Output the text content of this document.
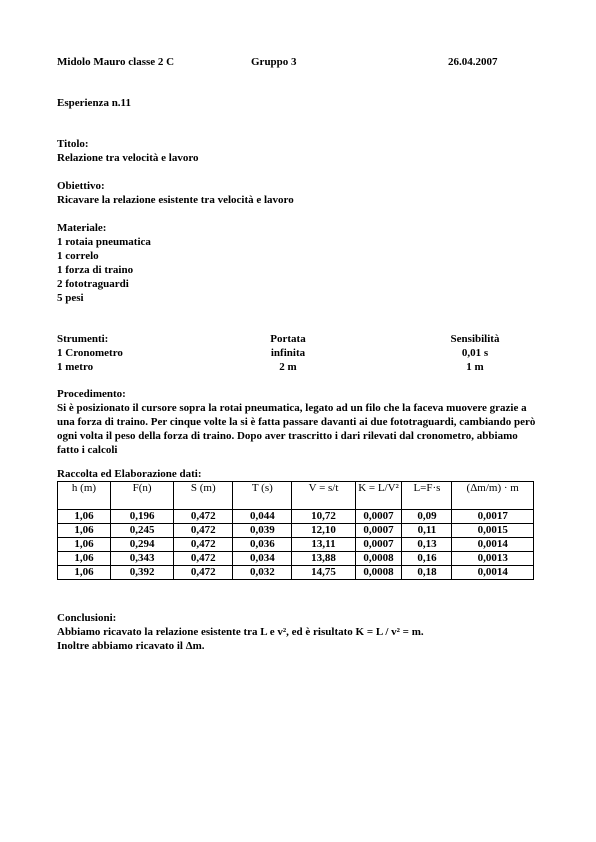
Midolo Mauro classe 2 C	Gruppo 3	26.04.2007
Esperienza n.11
Titolo:
Relazione tra velocità e lavoro
Obiettivo:
Ricavare la relazione esistente tra velocità e lavoro
Materiale:
1 rotaia pneumatica
1 correlo
1 forza di traino
2 fototraguardi
5 pesi
Strumenti:	Portata	Sensibilità
1 Cronometro	infinita	0,01 s
1 metro	2 m	1 m
Procedimento:
Si è posizionato il cursore sopra la rotai pneumatica, legato ad un filo che la faceva muovere grazie a una forza di traino. Per cinque volte la si è fatta passare davanti ai due fototraguardi, cambiando però ogni volta il peso della forza di traino. Dopo aver trascritto i dari rilevati dal cronometro, abbiamo fatto i calcoli
Raccolta ed Elaborazione dati:
h (m)	F(n)	S (m)	T (s)	V = s/t	K = L/V²	L=F·s	(Δm/m) · m
1,06	0,196	0,472	0,044	10,72	0,0007	0,09	0,0017
1,06	0,245	0,472	0,039	12,10	0,0007	0,11	0,0015
1,06	0,294	0,472	0,036	13,11	0,0007	0,13	0,0014
1,06	0,343	0,472	0,034	13,88	0,0008	0,16	0,0013
1,06	0,392	0,472	0,032	14,75	0,0008	0,18	0,0014
Conclusioni:
Abbiamo ricavato la relazione esistente tra L e v², ed è risultato K = L / v² = m.
Inoltre abbiamo ricavato il Δm.
